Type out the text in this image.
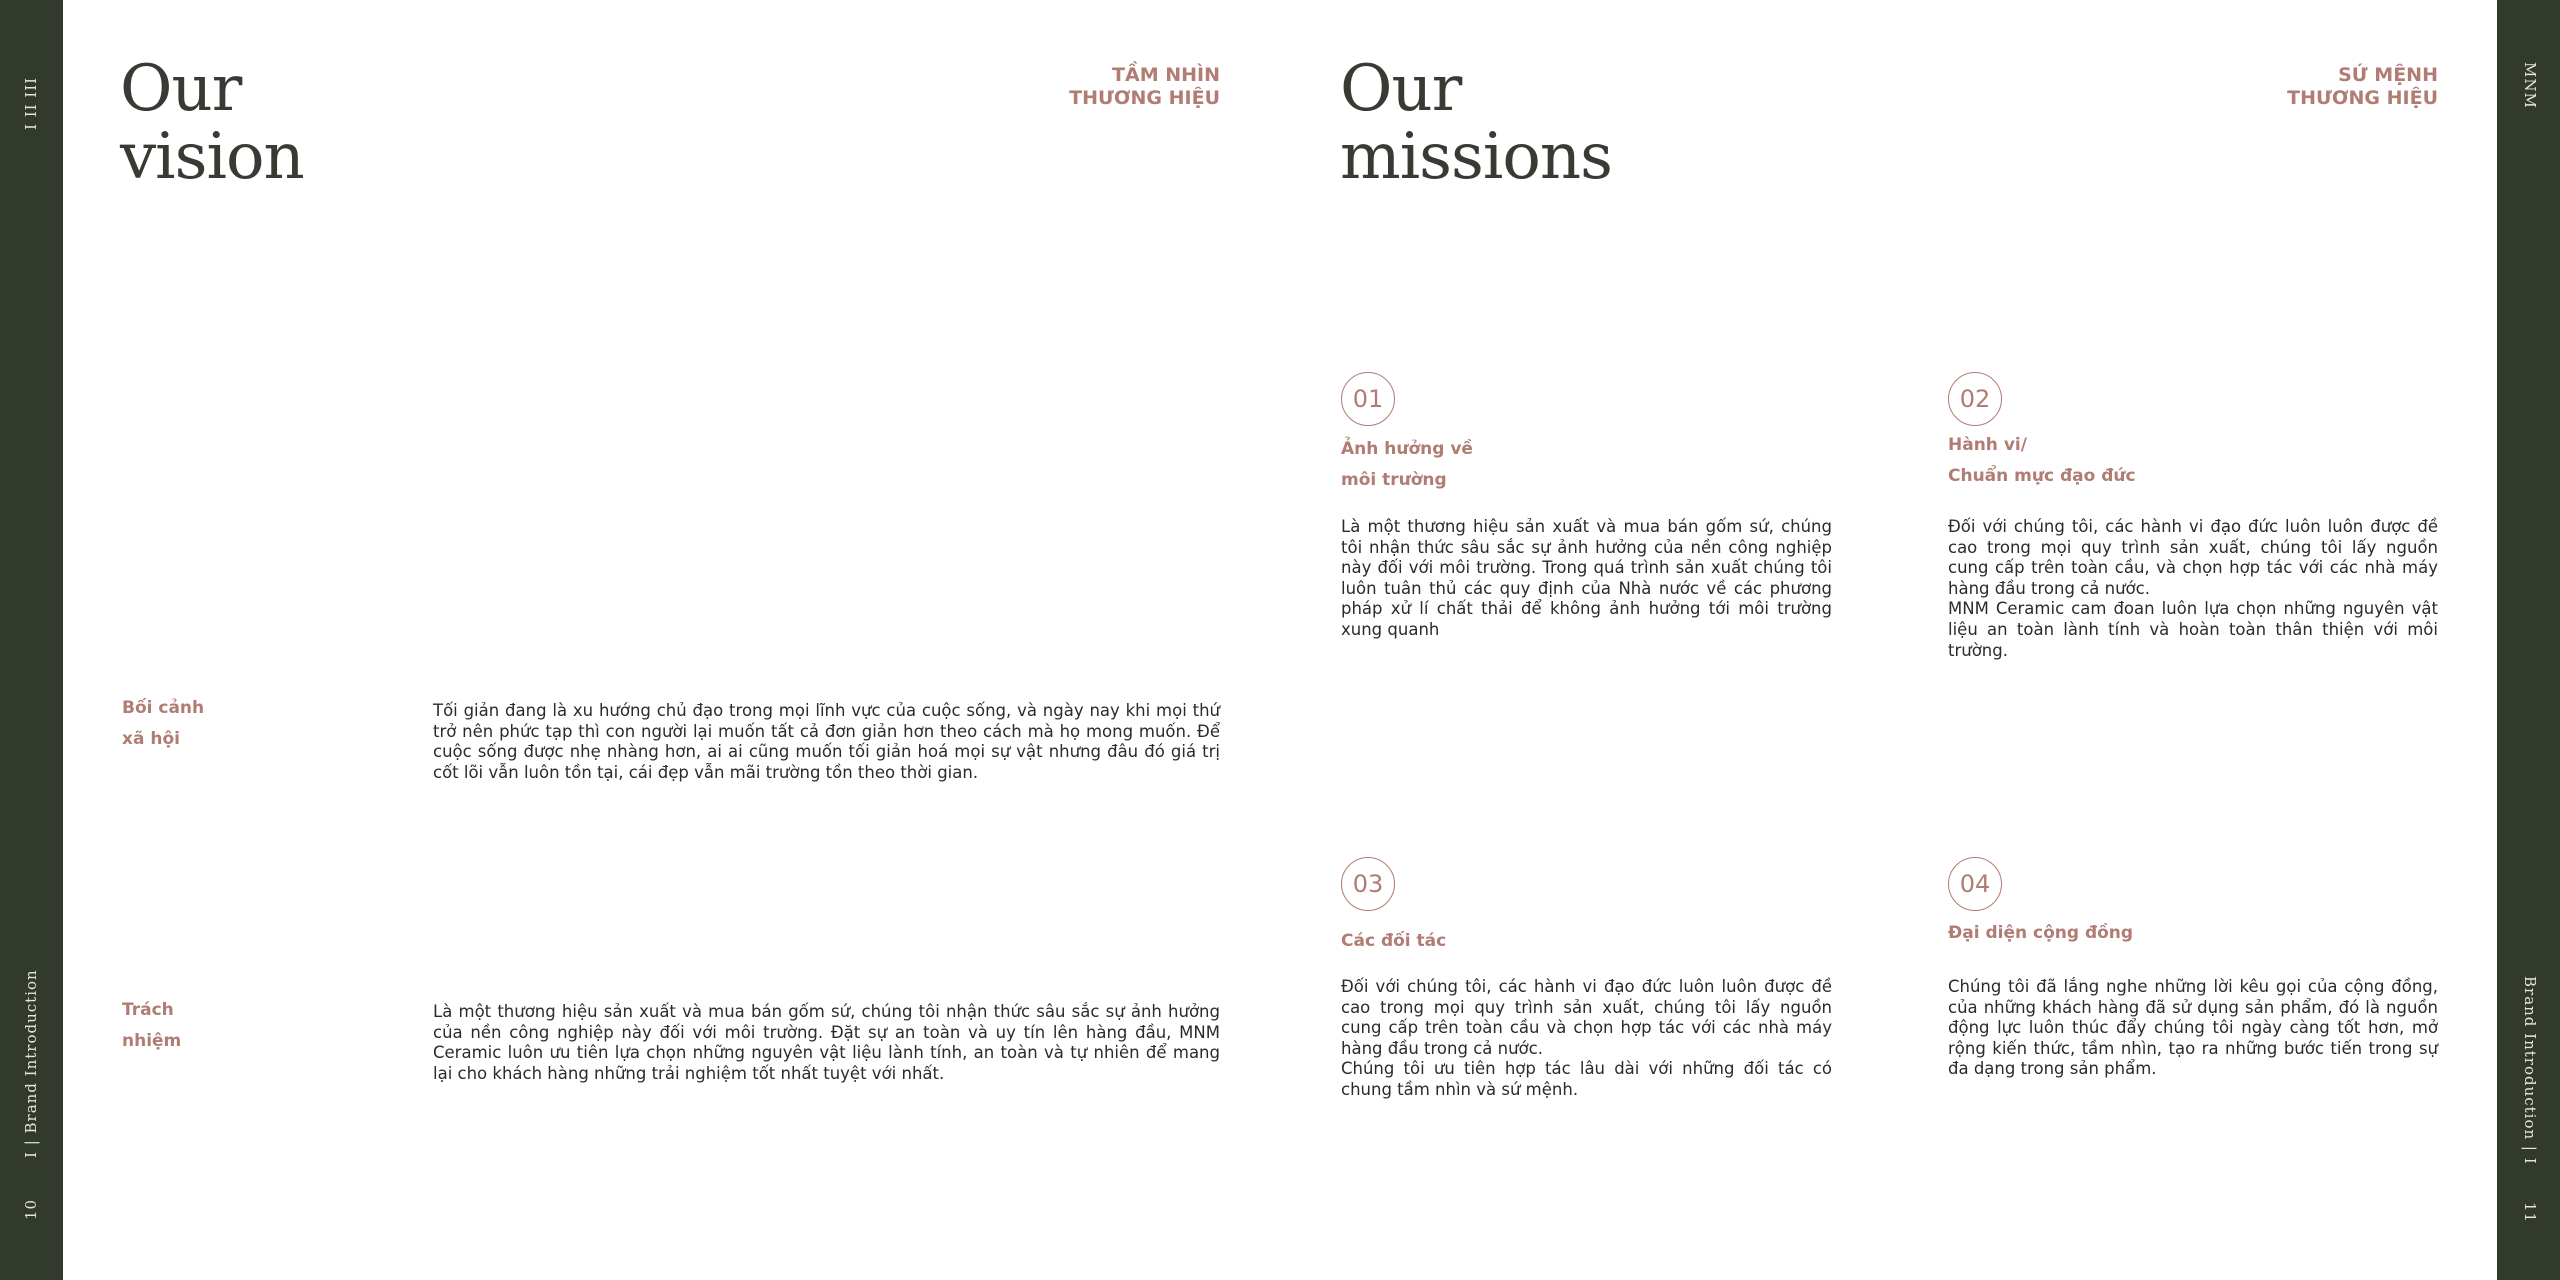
I II III
I | Brand Introduction
10
MNM
Brand Introduction | I
11
Our
vision
TẦM NHÌN
THƯƠNG HIỆU
Bối cảnh
xã hội
Tối giản đang là xu hướng chủ đạo trong mọi lĩnh vực của cuộc sống, và ngày nay khi mọi thứ trở nên phức tạp thì con người lại muốn tất cả đơn giản hơn theo cách mà họ mong muốn. Để cuộc sống được nhẹ nhàng hơn, ai ai cũng muốn tối giản hoá mọi sự vật nhưng đâu đó giá trị cốt lõi vẫn luôn tồn tại, cái đẹp vẫn mãi trường tồn theo thời gian.
Trách
nhiệm
Là một thương hiệu sản xuất và mua bán gốm sứ, chúng tôi nhận thức sâu sắc sự ảnh hưởng của nền công nghiệp này đối với môi trường. Đặt sự an toàn và uy tín lên hàng đầu, MNM Ceramic luôn ưu tiên lựa chọn những nguyên vật liệu lành tính, an toàn và tự nhiên để mang lại cho khách hàng những trải nghiệm tốt nhất tuyệt với nhất.
Our
missions
SỨ MỆNH
THƯƠNG HIỆU
01
Ảnh hưởng về
môi trường
Là một thương hiệu sản xuất và mua bán gốm sứ, chúng tôi nhận thức sâu sắc sự ảnh hưởng của nền công nghiệp này đối với môi trường. Trong quá trình sản xuất chúng tôi luôn tuân thủ các quy định của Nhà nước về các phương pháp xử lí chất thải để không ảnh hưởng tới môi trường xung quanh
02
Hành vi/
Chuẩn mực đạo đức
Đối với chúng tôi, các hành vi đạo đức luôn luôn được đề cao trong mọi quy trình sản xuất, chúng tôi lấy nguồn cung cấp trên toàn cầu, và chọn hợp tác với các nhà máy hàng đầu trong cả nước.
MNM Ceramic cam đoan luôn lựa chọn những nguyên vật liệu an toàn lành tính và hoàn toàn thân thiện với môi trường.
03
Các đối tác
Đối với chúng tôi, các hành vi đạo đức luôn luôn được đề cao trong mọi quy trình sản xuất, chúng tôi lấy nguồn cung cấp trên toàn cầu và chọn hợp tác với các nhà máy hàng đầu trong cả nước.
Chúng tôi ưu tiên hợp tác lâu dài với những đối tác có chung tầm nhìn và sứ mệnh.
04
Đại diện cộng đồng
Chúng tôi đã lắng nghe những lời kêu gọi của cộng đồng, của những khách hàng đã sử dụng sản phẩm, đó là nguồn động lực luôn thúc đẩy chúng tôi ngày càng tốt hơn, mở rộng kiến thức, tầm nhìn, tạo ra những bước tiến trong sự đa dạng trong sản phẩm.
